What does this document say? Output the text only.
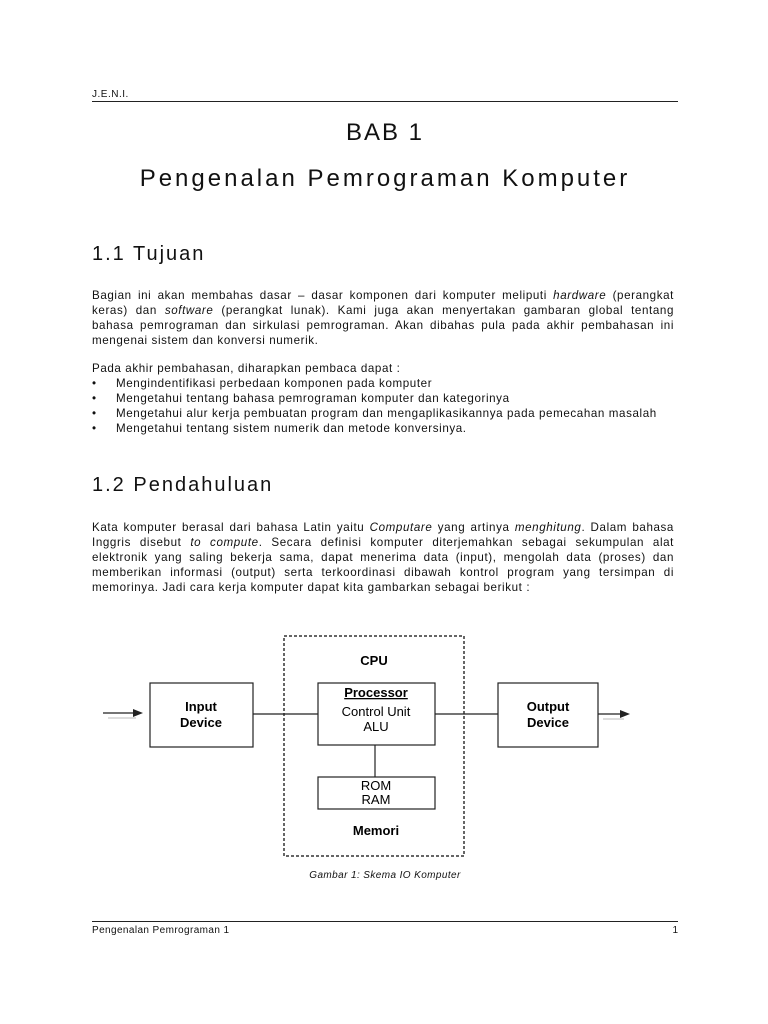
J.E.N.I.
BAB 1
Pengenalan Pemrograman Komputer
1.1 Tujuan
Bagian ini akan membahas dasar – dasar komponen dari komputer meliputi hardware (perangkat keras) dan software (perangkat lunak). Kami juga akan menyertakan gambaran global tentang bahasa pemrograman dan sirkulasi pemrograman. Akan dibahas pula pada akhir pembahasan ini mengenai sistem dan konversi numerik.
Pada akhir pembahasan, diharapkan pembaca dapat :
• Mengindentifikasi perbedaan komponen pada komputer
• Mengetahui tentang bahasa pemrograman komputer dan kategorinya
• Mengetahui alur kerja pembuatan program dan mengaplikasikannya pada pemecahan masalah
• Mengetahui tentang sistem numerik dan metode konversinya.
1.2 Pendahuluan
Kata komputer berasal dari bahasa Latin yaitu Computare yang artinya menghitung. Dalam bahasa Inggris disebut to compute. Secara definisi komputer diterjemahkan sebagai sekumpulan alat elektronik yang saling bekerja sama, dapat menerima data (input), mengolah data (proses) dan memberikan informasi (output) serta terkoordinasi dibawah kontrol program yang tersimpan di memorinya. Jadi cara kerja komputer dapat kita gambarkan sebagai berikut :
CPU
Input
Device
Processor
Control Unit
ALU
Output
Device
ROM
RAM
Memori
Gambar 1: Skema IO Komputer
Pengenalan Pemrograman 1	1
